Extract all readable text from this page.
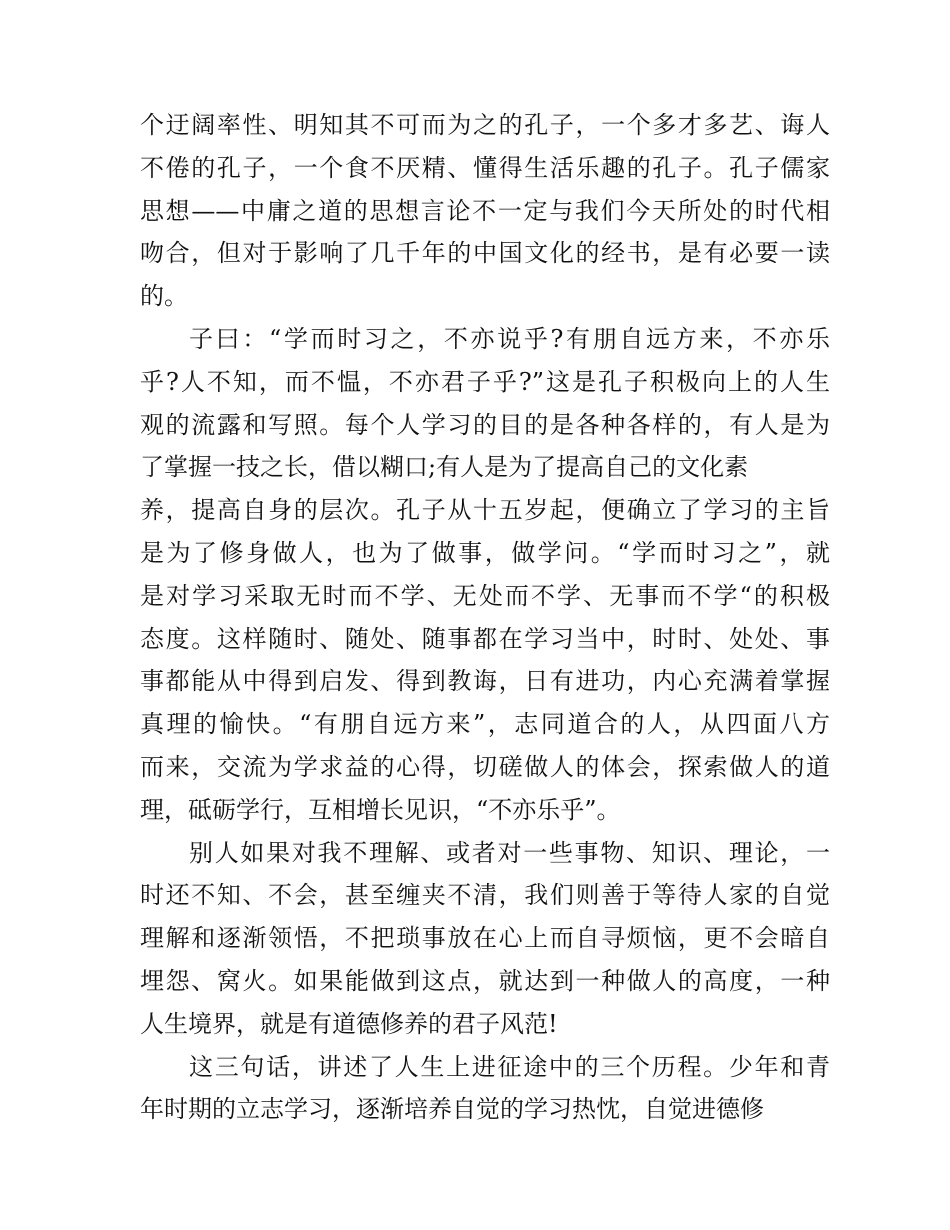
个迂阔率性、明知其不可而为之的孔子，一个多才多艺、诲人
不倦的孔子，一个食不厌精、懂得生活乐趣的孔子。孔子儒家
思想——中庸之道的思想言论不一定与我们今天所处的时代相
吻合，但对于影响了几千年的中国文化的经书，是有必要一读
的。
子曰：“学而时习之，不亦说乎?有朋自远方来，不亦乐
乎?人不知，而不愠，不亦君子乎?”这是孔子积极向上的人生
观的流露和写照。每个人学习的目的是各种各样的，有人是为
了掌握一技之长，借以糊口;有人是为了提高自己的文化素
养，提高自身的层次。孔子从十五岁起，便确立了学习的主旨
是为了修身做人，也为了做事，做学问。“学而时习之”，就
是对学习采取无时而不学、无处而不学、无事而不学“的积极
态度。这样随时、随处、随事都在学习当中，时时、处处、事
事都能从中得到启发、得到教诲，日有进功，内心充满着掌握
真理的愉快。“有朋自远方来”，志同道合的人，从四面八方
而来，交流为学求益的心得，切磋做人的体会，探索做人的道
理，砥砺学行，互相增长见识，“不亦乐乎”。
别人如果对我不理解、或者对一些事物、知识、理论，一
时还不知、不会，甚至缠夹不清，我们则善于等待人家的自觉
理解和逐渐领悟，不把琐事放在心上而自寻烦恼，更不会暗自
埋怨、窝火。如果能做到这点，就达到一种做人的高度，一种
人生境界，就是有道德修养的君子风范!
这三句话，讲述了人生上进征途中的三个历程。少年和青
年时期的立志学习，逐渐培养自觉的学习热忱，自觉进德修
